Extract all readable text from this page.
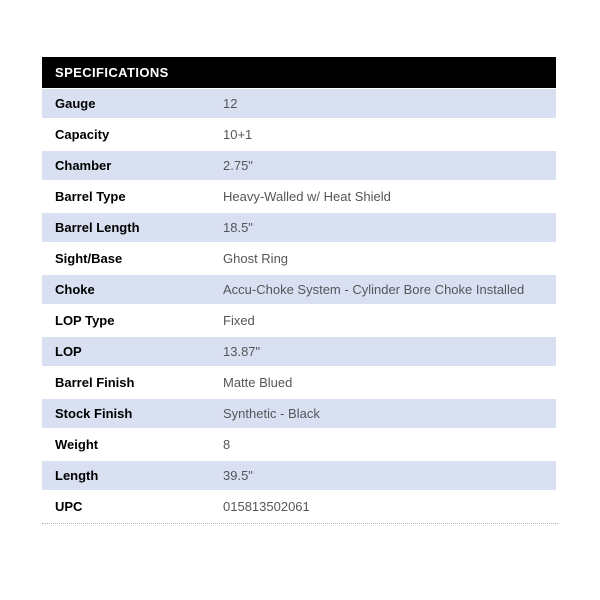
SPECIFICATIONS
Gauge	12
Capacity	10+1
Chamber	2.75"
Barrel Type	Heavy-Walled w/ Heat Shield
Barrel Length	18.5"
Sight/Base	Ghost Ring
Choke	Accu-Choke System - Cylinder Bore Choke Installed
LOP Type	Fixed
LOP	13.87"
Barrel Finish	Matte Blued
Stock Finish	Synthetic - Black
Weight	8
Length	39.5"
UPC	015813502061
